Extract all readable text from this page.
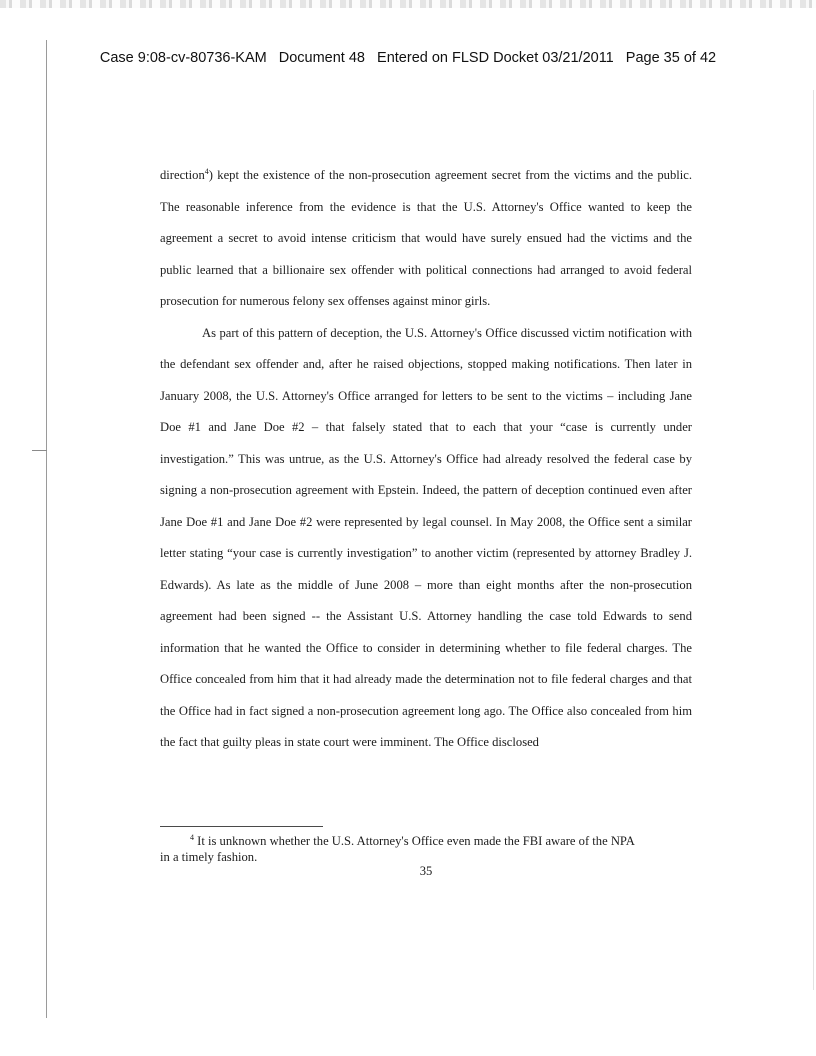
Case 9:08-cv-80736-KAM Document 48 Entered on FLSD Docket 03/21/2011 Page 35 of 42

direction$^4$) kept the existence of the non-prosecution agreement secret from the victims and the public. The reasonable inference from the evidence is that the U.S. Attorney's Office wanted to keep the agreement a secret to avoid intense criticism that would have surely ensued had the victims and the public learned that a billionaire sex offender with political connections had arranged to avoid federal prosecution for numerous felony sex offenses against minor girls.

As part of this pattern of deception, the U.S. Attorney's Office discussed victim notification with the defendant sex offender and, after he raised objections, stopped making notifications. Then later in January 2008, the U.S. Attorney's Office arranged for letters to be sent to the victims – including Jane Doe #1 and Jane Doe #2 – that falsely stated that to each that your “case is currently under investigation.” This was untrue, as the U.S. Attorney's Office had already resolved the federal case by signing a non-prosecution agreement with Epstein. Indeed, the pattern of deception continued even after Jane Doe #1 and Jane Doe #2 were represented by legal counsel. In May 2008, the Office sent a similar letter stating “your case is currently investigation” to another victim (represented by attorney Bradley J. Edwards). As late as the middle of June 2008 – more than eight months after the non-prosecution agreement had been signed -- the Assistant U.S. Attorney handling the case told Edwards to send information that he wanted the Office to consider in determining whether to file federal charges. The Office concealed from him that it had already made the determination not to file federal charges and that the Office had in fact signed a non-prosecution agreement long ago. The Office also concealed from him the fact that guilty pleas in state court were imminent. The Office disclosed

$^4$ It is unknown whether the U.S. Attorney's Office even made the FBI aware of the NPA
in a timely fashion.
35
